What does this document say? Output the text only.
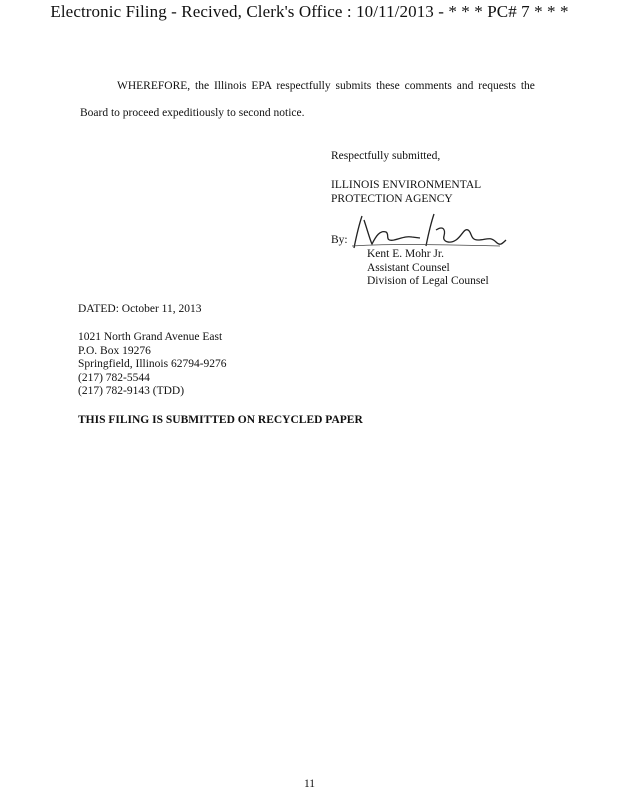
Electronic Filing - Recived, Clerk's Office : 10/11/2013 - * * * PC# 7 * * *
WHEREFORE, the Illinois EPA respectfully submits these comments and requests the
Board to proceed expeditiously to second notice.
Respectfully submitted,
ILLINOIS ENVIRONMENTAL
PROTECTION AGENCY
By:
Kent E. Mohr Jr.
Assistant Counsel
Division of Legal Counsel
DATED: October 11, 2013
1021 North Grand Avenue East
P.O. Box 19276
Springfield, Illinois 62794-9276
(217) 782-5544
(217) 782-9143 (TDD)
THIS FILING IS SUBMITTED ON RECYCLED PAPER
11
